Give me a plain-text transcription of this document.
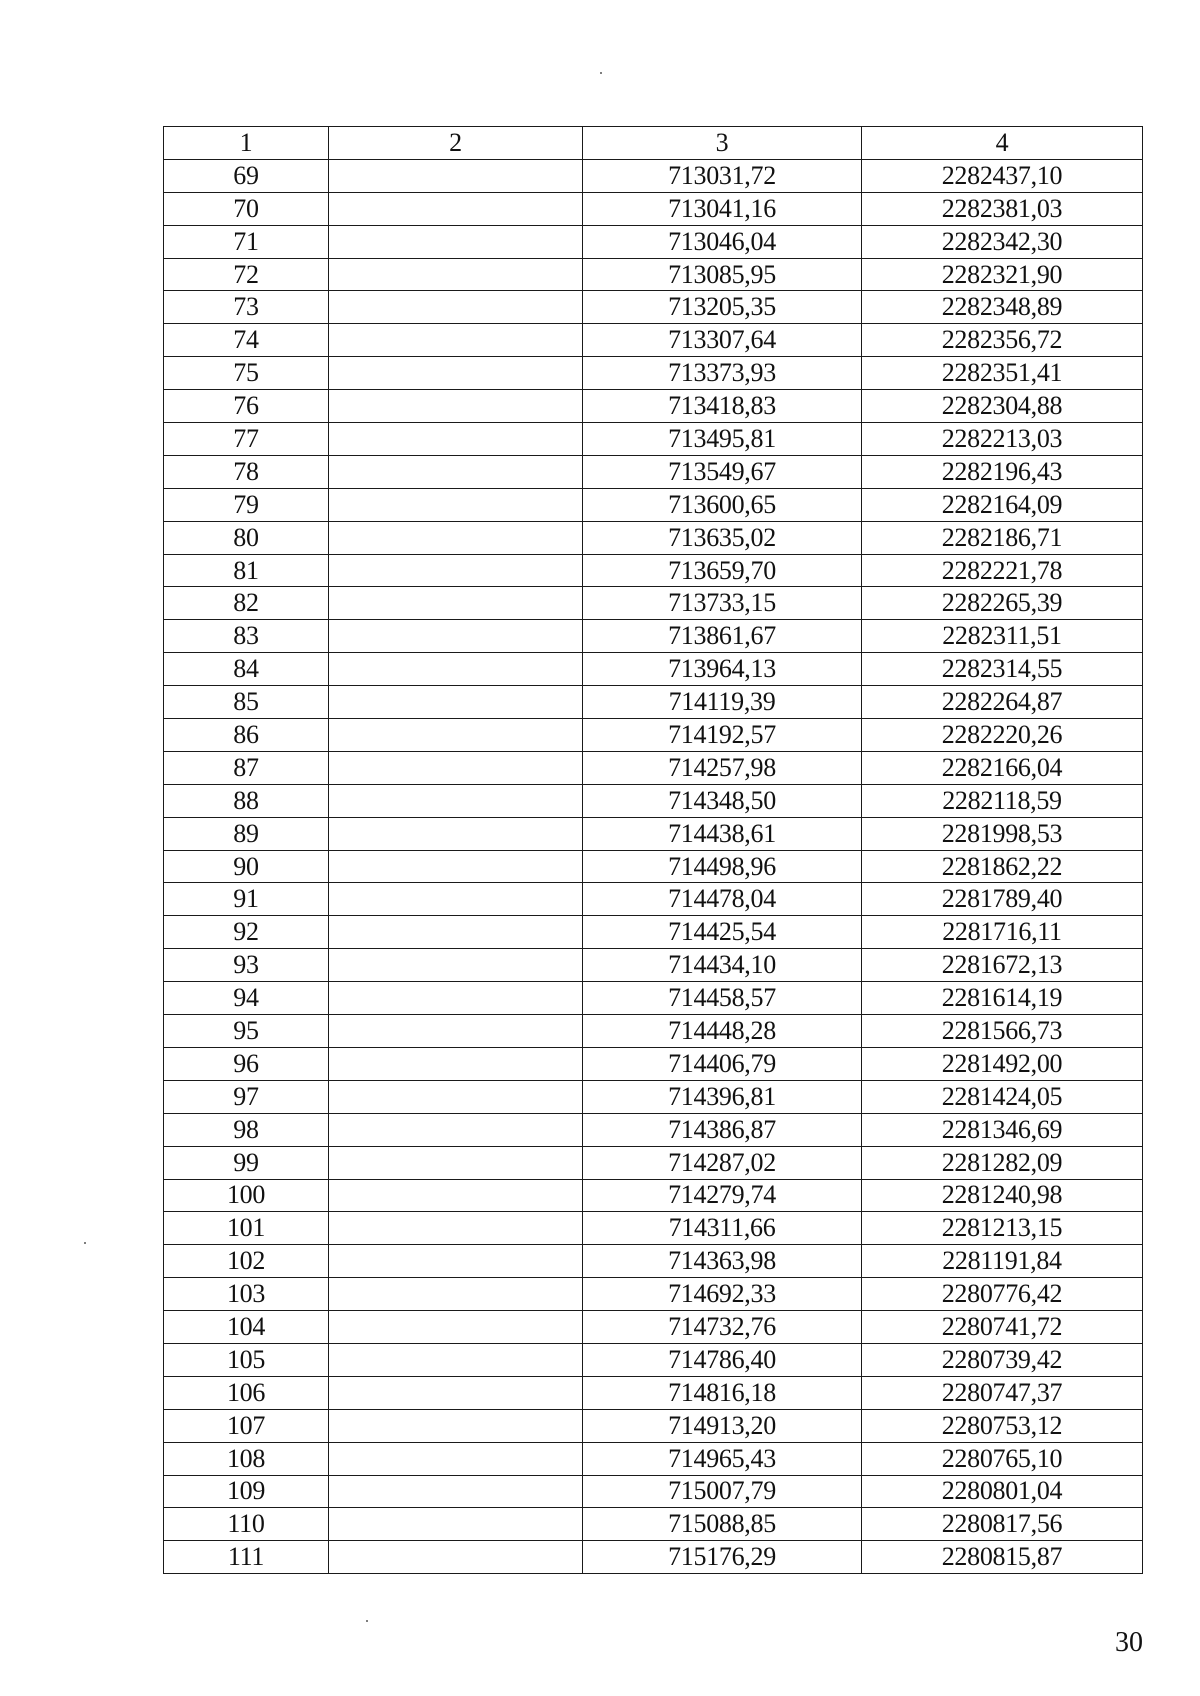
1	2	3	4
69		713031,72	2282437,10
70		713041,16	2282381,03
71		713046,04	2282342,30
72		713085,95	2282321,90
73		713205,35	2282348,89
74		713307,64	2282356,72
75		713373,93	2282351,41
76		713418,83	2282304,88
77		713495,81	2282213,03
78		713549,67	2282196,43
79		713600,65	2282164,09
80		713635,02	2282186,71
81		713659,70	2282221,78
82		713733,15	2282265,39
83		713861,67	2282311,51
84		713964,13	2282314,55
85		714119,39	2282264,87
86		714192,57	2282220,26
87		714257,98	2282166,04
88		714348,50	2282118,59
89		714438,61	2281998,53
90		714498,96	2281862,22
91		714478,04	2281789,40
92		714425,54	2281716,11
93		714434,10	2281672,13
94		714458,57	2281614,19
95		714448,28	2281566,73
96		714406,79	2281492,00
97		714396,81	2281424,05
98		714386,87	2281346,69
99		714287,02	2281282,09
100		714279,74	2281240,98
101		714311,66	2281213,15
102		714363,98	2281191,84
103		714692,33	2280776,42
104		714732,76	2280741,72
105		714786,40	2280739,42
106		714816,18	2280747,37
107		714913,20	2280753,12
108		714965,43	2280765,10
109		715007,79	2280801,04
110		715088,85	2280817,56
111		715176,29	2280815,87
30
